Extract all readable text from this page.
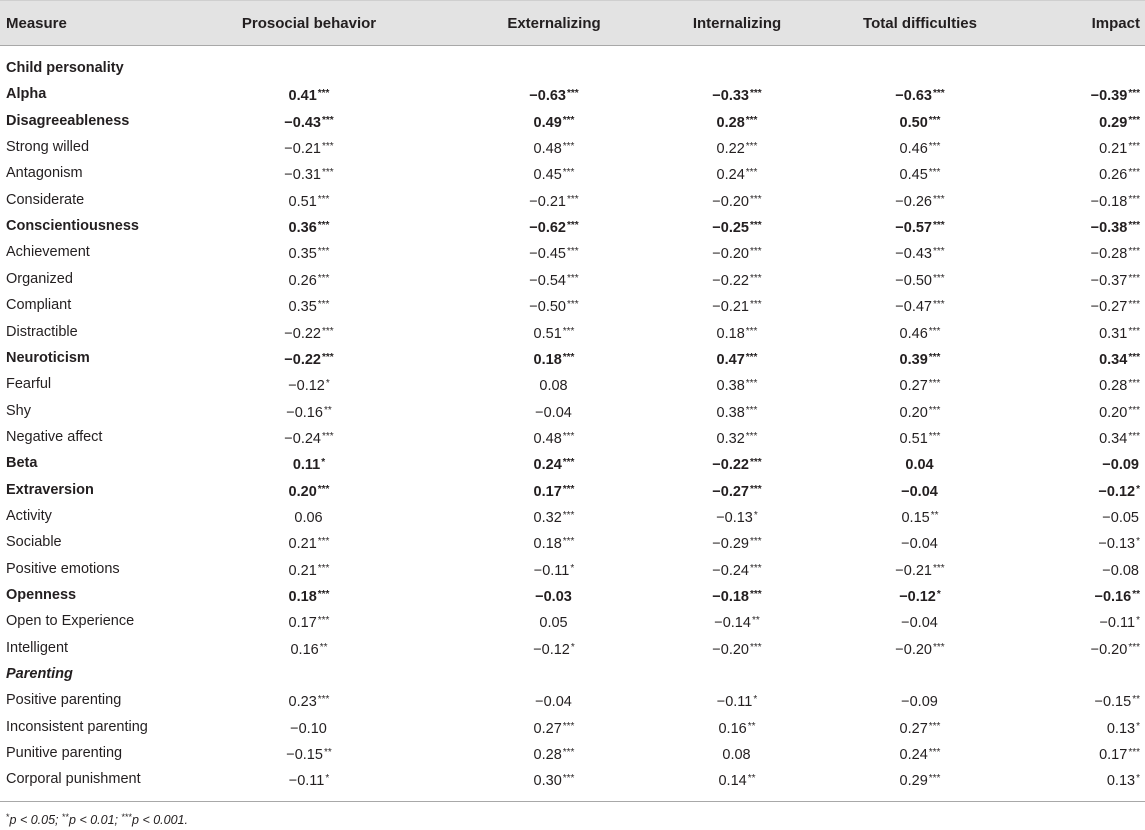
Measure	Prosocial behavior	Externalizing	Internalizing	Total difficulties	Impact
Child personality
Alpha	0.41***	−0.63***	−0.33***	−0.63***	−0.39***
Disagreeableness	−0.43***	0.49***	0.28***	0.50***	0.29***
Strong willed	−0.21***	0.48***	0.22***	0.46***	0.21***
Antagonism	−0.31***	0.45***	0.24***	0.45***	0.26***
Considerate	0.51***	−0.21***	−0.20***	−0.26***	−0.18***
Conscientiousness	0.36***	−0.62***	−0.25***	−0.57***	−0.38***
Achievement	0.35***	−0.45***	−0.20***	−0.43***	−0.28***
Organized	0.26***	−0.54***	−0.22***	−0.50***	−0.37***
Compliant	0.35***	−0.50***	−0.21***	−0.47***	−0.27***
Distractible	−0.22***	0.51***	0.18***	0.46***	0.31***
Neuroticism	−0.22***	0.18***	0.47***	0.39***	0.34***
Fearful	−0.12*	0.08	0.38***	0.27***	0.28***
Shy	−0.16**	−0.04	0.38***	0.20***	0.20***
Negative affect	−0.24***	0.48***	0.32***	0.51***	0.34***
Beta	0.11*	0.24***	−0.22***	0.04	−0.09
Extraversion	0.20***	0.17***	−0.27***	−0.04	−0.12*
Activity	0.06	0.32***	−0.13*	0.15**	−0.05
Sociable	0.21***	0.18***	−0.29***	−0.04	−0.13*
Positive emotions	0.21***	−0.11*	−0.24***	−0.21***	−0.08
Openness	0.18***	−0.03	−0.18***	−0.12*	−0.16**
Open to Experience	0.17***	0.05	−0.14**	−0.04	−0.11*
Intelligent	0.16**	−0.12*	−0.20***	−0.20***	−0.20***
Parenting
Positive parenting	0.23***	−0.04	−0.11*	−0.09	−0.15**
Inconsistent parenting	−0.10	0.27***	0.16**	0.27***	0.13*
Punitive parenting	−0.15**	0.28***	0.08	0.24***	0.17***
Corporal punishment	−0.11*	0.30***	0.14**	0.29***	0.13*
*p < 0.05; **p < 0.01; ***p < 0.001.
